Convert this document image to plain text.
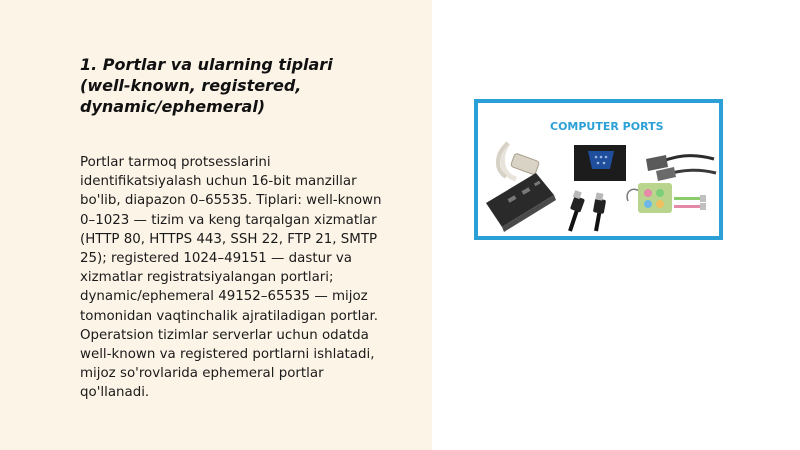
1. Portlar va ularning tiplari
(well-known, registered,
dynamic/ephemeral)

Portlar tarmoq protsesslarini
identifikatsiyalash uchun 16-bit manzillar
bo'lib, diapazon 0–65535. Tiplari: well-known
0–1023 — tizim va keng tarqalgan xizmatlar
(HTTP 80, HTTPS 443, SSH 22, FTP 21, SMTP
25); registered 1024–49151 — dastur va
xizmatlar registratsiyalangan portlari;
dynamic/ephemeral 49152–65535 — mijoz
tomonidan vaqtinchalik ajratiladigan portlar.
Operatsion tizimlar serverlar uchun odatda
well-known va registered portlarni ishlatadi,
mijoz so'rovlarida ephemeral portlar
qo'llanadi.

COMPUTER PORTS
